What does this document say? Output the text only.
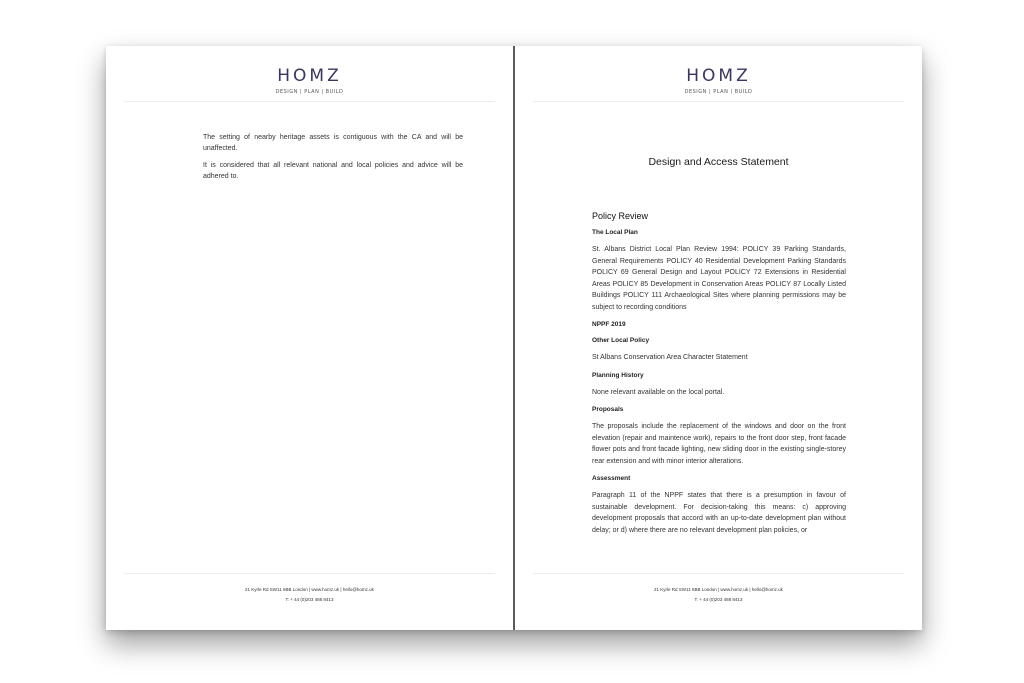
HOMZ
DESIGN | PLAN | BUILD

The setting of nearby heritage assets is contiguous with the CA and will be unaffected.

It is considered that all relevant national and local policies and advice will be adhered to.

21 Kyrle Rd SW11 6BB London | www.homz.uk | hello@homz.uk
T: + 44 (0)203 488 8413
HOMZ
DESIGN | PLAN | BUILD
Design and Access Statement
Policy Review
The Local Plan

St. Albans District Local Plan Review 1994: POLICY 39 Parking Standards, General Requirements POLICY 40 Residential Development Parking Standards POLICY 69 General Design and Layout POLICY 72 Extensions in Residential Areas POLICY 85 Development in Conservation Areas POLICY 87 Locally Listed Buildings POLICY 111 Archaeological Sites where planning permissions may be subject to recording conditions

NPPF 2019
Other Local Policy

St Albans Conservation Area Character Statement

Planning History

None relevant available on the local portal.

Proposals

The proposals include the replacement of the windows and door on the front elevation (repair and maintence work), repairs to the front door step, front facade flower pots and front facade lighting, new sliding door in the existing single-storey rear extension and with minor interior alterations.

Assessment

Paragraph 11 of the NPPF states that there is a presumption in favour of sustainable development. For decision-taking this means: c) approving development proposals that accord with an up-to-date development plan without delay; or d) where there are no relevant development plan policies, or

21 Kyrle Rd SW11 6BB London | www.homz.uk | hello@homz.uk
T: + 44 (0)203 488 8413
